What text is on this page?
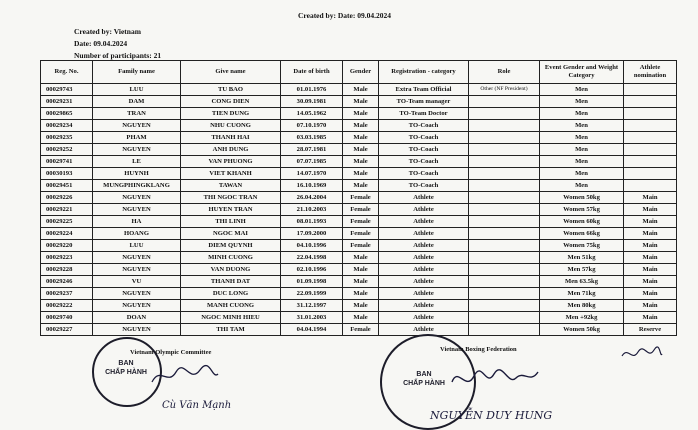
Created by: Date: 09.04.2024
Created by: Vietnam
Date: 09.04.2024
Number of participants: 21
Reg. No.	Family name	Give name	Date of birth	Gender	Registration - category	Role	Event Gender and Weight Category	Athlete nomination
00029743	LUU	TU BAO	01.01.1976	Male	Extra Team Official	Other (NF President)	Men	
00029231	DAM	CONG DIEN	30.09.1981	Male	TO-Team manager		Men	
00029865	TRAN	TIEN DUNG	14.05.1962	Male	TO-Team Doctor		Men	
00029234	NGUYEN	NHU CUONG	07.10.1970	Male	TO-Coach		Men	
00029235	PHAM	THANH HAI	03.03.1985	Male	TO-Coach		Men	
00029252	NGUYEN	ANH DUNG	28.07.1981	Male	TO-Coach		Men	
00029741	LE	VAN PHUONG	07.07.1985	Male	TO-Coach		Men	
00030193	HUYNH	VIET KHANH	14.07.1970	Male	TO-Coach		Men	
00029451	MUNGPHINGKLANG	TAWAN	16.10.1969	Male	TO-Coach		Men	
00029226	NGUYEN	THI NGOC TRAN	26.04.2004	Female	Athlete		Women 50kg	Main
00029221	NGUYEN	HUYEN TRAN	21.10.2003	Female	Athlete		Women 57kg	Main
00029225	HA	THI LINH	08.01.1993	Female	Athlete		Women 60kg	Main
00029224	HOANG	NGOC MAI	17.09.2000	Female	Athlete		Women 66kg	Main
00029220	LUU	DIEM QUYNH	04.10.1996	Female	Athlete		Women 75kg	Main
00029223	NGUYEN	MINH CUONG	22.04.1998	Male	Athlete		Men 51kg	Main
00029228	NGUYEN	VAN DUONG	02.10.1996	Male	Athlete		Men 57kg	Main
00029246	VU	THANH DAT	01.09.1998	Male	Athlete		Men 63.5kg	Main
00029237	NGUYEN	DUC LONG	22.09.1999	Male	Athlete		Men 71kg	Main
00029222	NGUYEN	MANH CUONG	31.12.1997	Male	Athlete		Men 80kg	Main
00029740	DOAN	NGOC MINH HIEU	31.01.2003	Male	Athlete		Men +92kg	Main
00029227	NGUYEN	THI TAM	04.04.1994	Female	Athlete		Women 50kg	Reserve
BAN
CHẤP HÀNH
Vietnam Olympic Committee
Cù Văn Mạnh
BAN
CHẤP HÀNH
Vietnam Boxing Federation
NGUYỄN DUY HUNG
